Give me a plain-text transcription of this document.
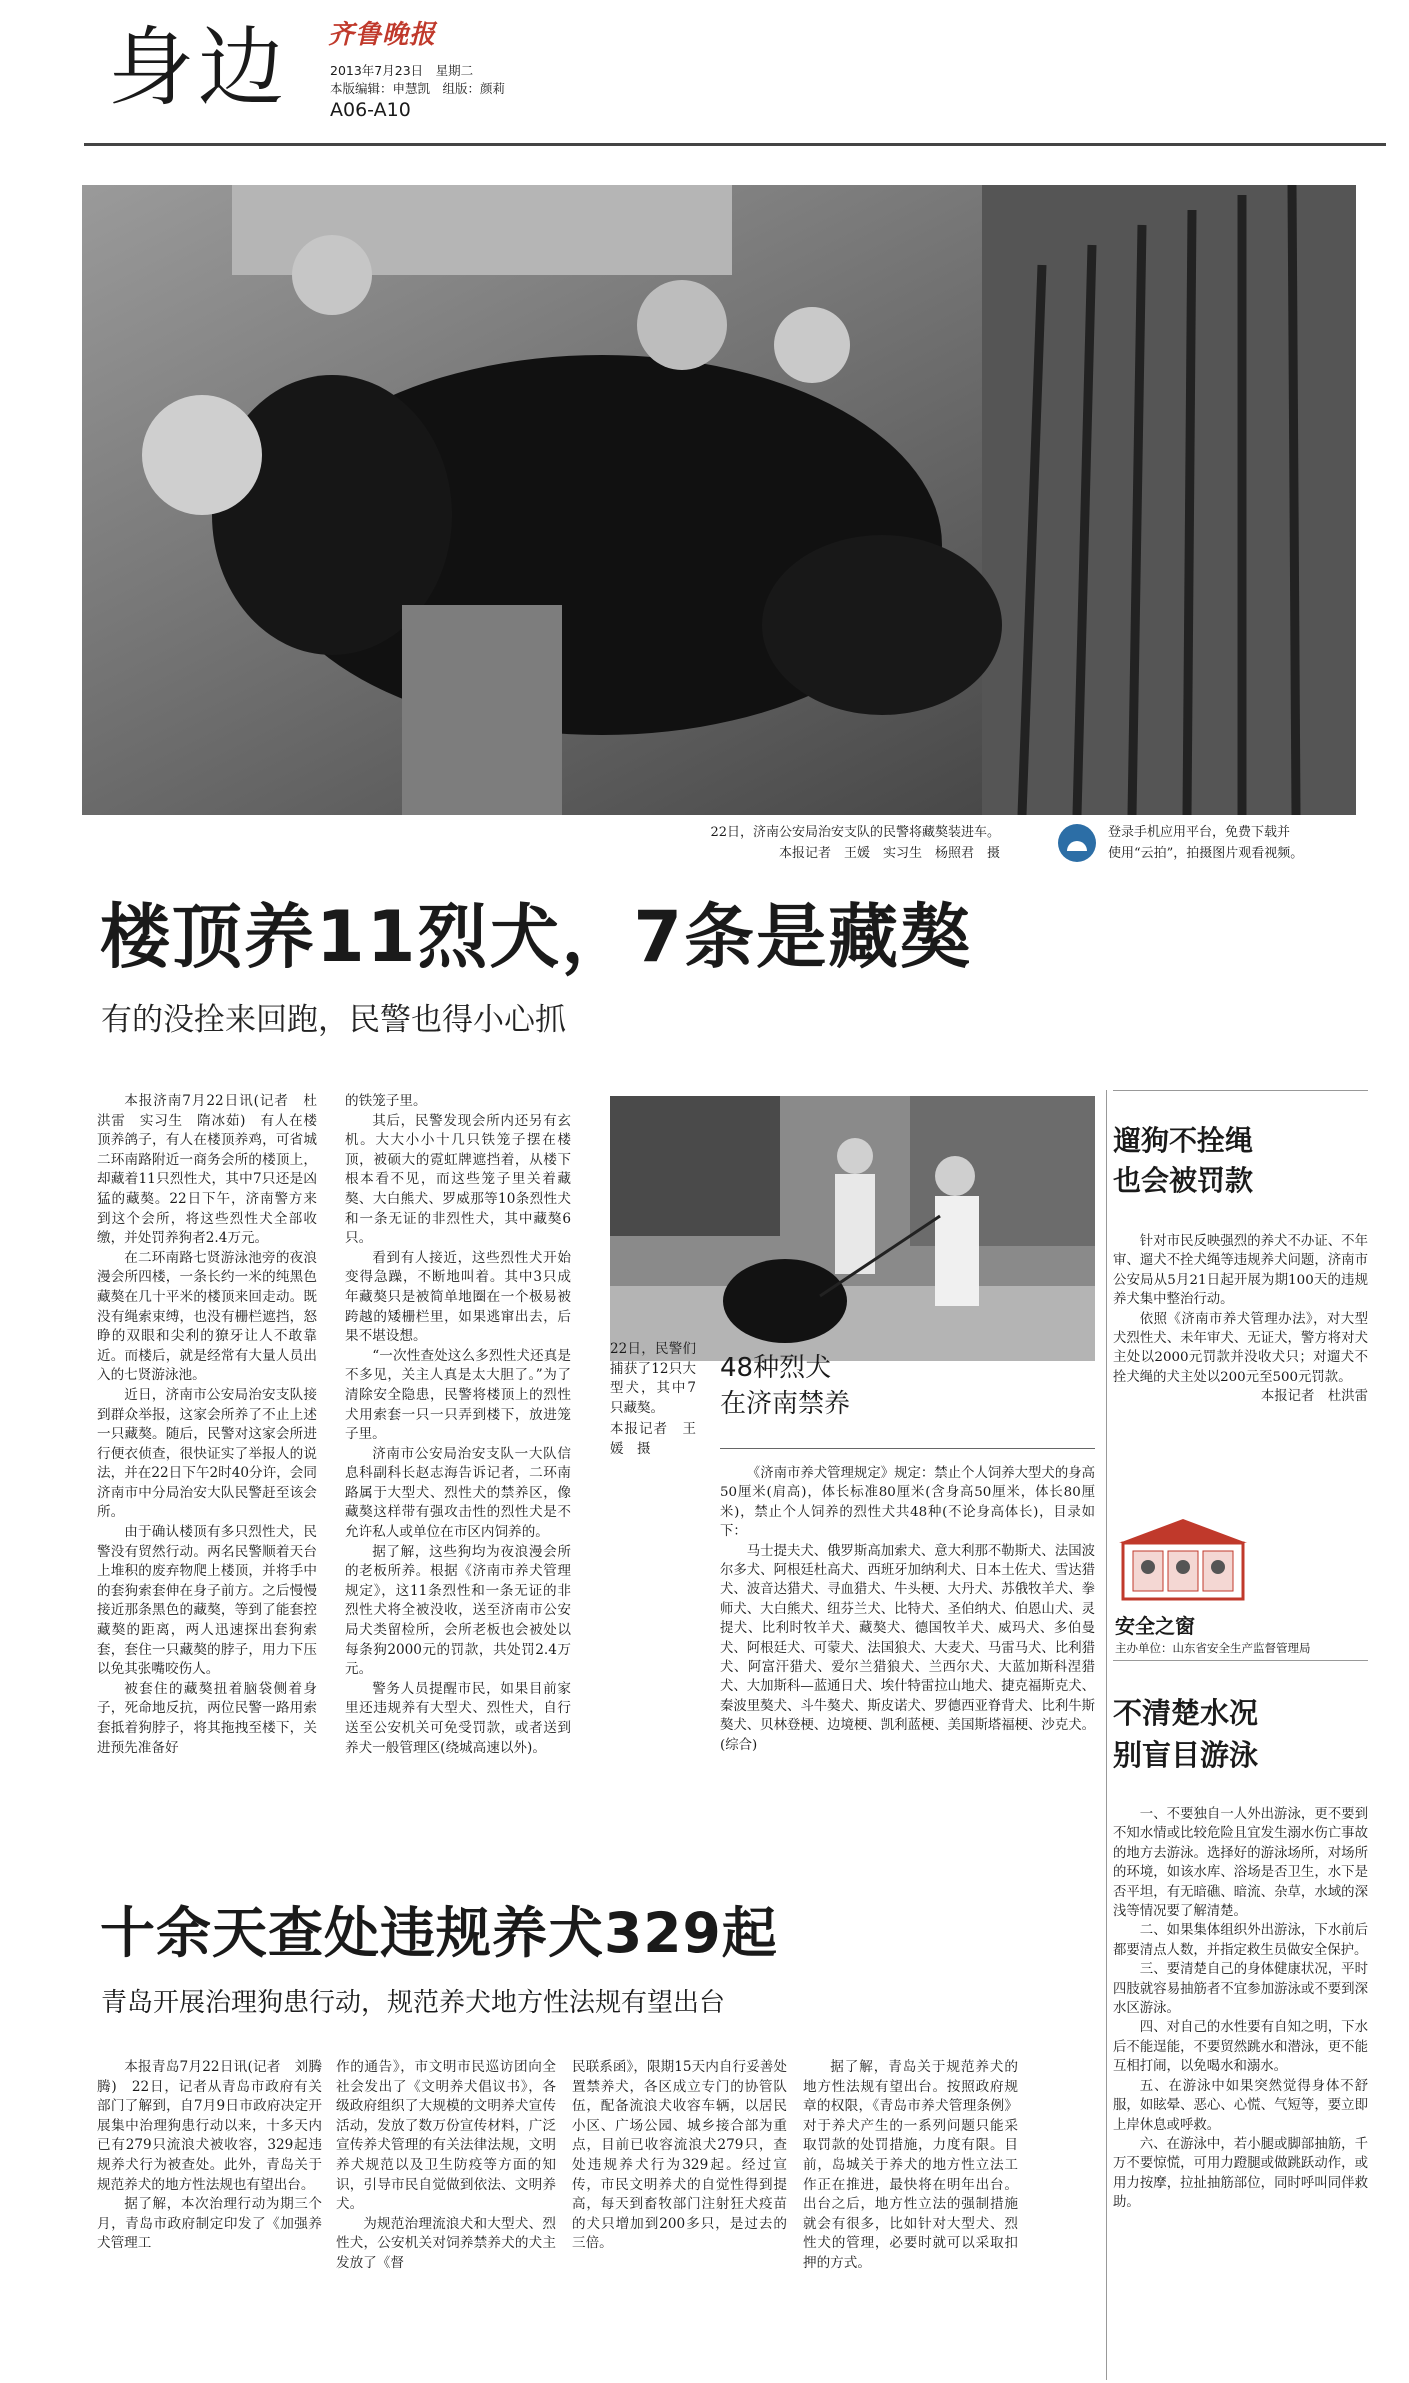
身边 齐鲁晚报
2013年7月23日　星期二
本版编辑：申慧凯　组版：颜莉
A06-A10
22日，济南公安局治安支队的民警将藏獒装进车。
本报记者　王媛　实习生　杨照君　摄
登录手机应用平台，免费下载并
使用“云拍”，拍摄图片观看视频。
楼顶养11烈犬，7条是藏獒
有的没拴来回跑，民警也得小心抓

本报济南7月22日讯(记者　杜洪雷　实习生　隋冰茹)　有人在楼顶养鸽子，有人在楼顶养鸡，可省城二环南路附近一商务会所的楼顶上，却藏着11只烈性犬，其中7只还是凶猛的藏獒。22日下午，济南警方来到这个会所，将这些烈性犬全部收缴，并处罚养狗者2.4万元。

在二环南路七贤游泳池旁的夜浪漫会所四楼，一条长约一米的纯黑色藏獒在几十平米的楼顶来回走动。既没有绳索束缚，也没有栅栏遮挡，怒睁的双眼和尖利的獠牙让人不敢靠近。而楼后，就是经常有大量人员出入的七贤游泳池。

近日，济南市公安局治安支队接到群众举报，这家会所养了不止上述一只藏獒。随后，民警对这家会所进行便衣侦查，很快证实了举报人的说法，并在22日下午2时40分许，会同济南市中分局治安大队民警赶至该会所。

由于确认楼顶有多只烈性犬，民警没有贸然行动。两名民警顺着天台上堆积的废弃物爬上楼顶，并将手中的套狗索套伸在身子前方。之后慢慢接近那条黑色的藏獒，等到了能套控藏獒的距离，两人迅速探出套狗索套，套住一只藏獒的脖子，用力下压以免其张嘴咬伤人。

被套住的藏獒扭着脑袋侧着身子，死命地反抗，两位民警一路用索套抵着狗脖子，将其拖拽至楼下，关进预先准备好

的铁笼子里。

其后，民警发现会所内还另有玄机。大大小小十几只铁笼子摆在楼顶，被硕大的霓虹牌遮挡着，从楼下根本看不见，而这些笼子里关着藏獒、大白熊犬、罗威那等10条烈性犬和一条无证的非烈性犬，其中藏獒6只。

看到有人接近，这些烈性犬开始变得急躁，不断地叫着。其中3只成年藏獒只是被简单地圈在一个极易被跨越的矮栅栏里，如果逃窜出去，后果不堪设想。

“一次性查处这么多烈性犬还真是不多见，关主人真是太大胆了。”为了清除安全隐患，民警将楼顶上的烈性犬用索套一只一只弄到楼下，放进笼子里。

济南市公安局治安支队一大队信息科副科长赵志海告诉记者，二环南路属于大型犬、烈性犬的禁养区，像藏獒这样带有强攻击性的烈性犬是不允许私人或单位在市区内饲养的。

据了解，这些狗均为夜浪漫会所的老板所养。根据《济南市养犬管理规定》，这11条烈性和一条无证的非烈性犬将全被没收，送至济南市公安局犬类留检所，会所老板也会被处以每条狗2000元的罚款，共处罚2.4万元。

警务人员提醒市民，如果目前家里还违规养有大型犬、烈性犬，自行送至公安机关可免受罚款，或者送到养犬一般管理区(绕城高速以外)。

22日，民警们捕获了12只大型犬，其中7只藏獒。
本报记者　王媛　摄
48种烈犬
在济南禁养

《济南市养犬管理规定》规定：禁止个人饲养大型犬的身高50厘米(肩高)，体长标准80厘米(含身高50厘米，体长80厘米)，禁止个人饲养的烈性犬共48种(不论身高体长)，目录如下：

马士提夫犬、俄罗斯高加索犬、意大利那不勒斯犬、法国波尔多犬、阿根廷杜高犬、西班牙加纳利犬、日本土佐犬、雪达猎犬、波音达猎犬、寻血猎犬、牛头梗、大丹犬、苏俄牧羊犬、拳师犬、大白熊犬、纽芬兰犬、比特犬、圣伯纳犬、伯恩山犬、灵提犬、比利时牧羊犬、藏獒犬、德国牧羊犬、威玛犬、多伯曼犬、阿根廷犬、可蒙犬、法国狼犬、大麦犬、马雷马犬、比利猎犬、阿富汗猎犬、爱尔兰猎狼犬、兰西尔犬、大蓝加斯科涅猎犬、大加斯科—蓝通日犬、埃什特雷拉山地犬、捷克福斯克犬、秦波里獒犬、斗牛獒犬、斯皮诺犬、罗德西亚脊背犬、比利牛斯獒犬、贝林登梗、边境梗、凯利蓝梗、美国斯塔福梗、沙克犬。(综合)

遛狗不拴绳
也会被罚款

针对市民反映强烈的养犬不办证、不年审、遛犬不拴犬绳等违规养犬问题，济南市公安局从5月21日起开展为期100天的违规养犬集中整治行动。

依照《济南市养犬管理办法》，对大型犬烈性犬、未年审犬、无证犬，警方将对犬主处以2000元罚款并没收犬只；对遛犬不拴犬绳的犬主处以200元至500元罚款。

本报记者　杜洪雷

安全之窗
主办单位：山东省安全生产监督管理局
不清楚水况
别盲目游泳

一、不要独自一人外出游泳，更不要到不知水情或比较危险且宜发生溺水伤亡事故的地方去游泳。选择好的游泳场所，对场所的环境，如该水库、浴场是否卫生，水下是否平坦，有无暗礁、暗流、杂草，水域的深浅等情况要了解清楚。

二、如果集体组织外出游泳，下水前后都要清点人数，并指定救生员做安全保护。

三、要清楚自己的身体健康状况，平时四肢就容易抽筋者不宜参加游泳或不要到深水区游泳。

四、对自己的水性要有自知之明，下水后不能逞能，不要贸然跳水和潜泳，更不能互相打闹，以免喝水和溺水。

五、在游泳中如果突然觉得身体不舒服，如眩晕、恶心、心慌、气短等，要立即上岸休息或呼救。

六、在游泳中，若小腿或脚部抽筋，千万不要惊慌，可用力蹬腿或做跳跃动作，或用力按摩，拉扯抽筋部位，同时呼叫同伴救助。

十余天查处违规养犬329起
青岛开展治理狗患行动，规范养犬地方性法规有望出台

本报青岛7月22日讯(记者　刘腾腾)　22日，记者从青岛市政府有关部门了解到，自7月9日市政府决定开展集中治理狗患行动以来，十多天内已有279只流浪犬被收容，329起违规养犬行为被查处。此外，青岛关于规范养犬的地方性法规也有望出台。

据了解，本次治理行动为期三个月，青岛市政府制定印发了《加强养犬管理工

作的通告》，市文明市民巡访团向全社会发出了《文明养犬倡议书》，各级政府组织了大规模的文明养犬宣传活动，发放了数万份宣传材料，广泛宣传养犬管理的有关法律法规，文明养犬规范以及卫生防疫等方面的知识，引导市民自觉做到依法、文明养犬。

为规范治理流浪犬和大型犬、烈性犬，公安机关对饲养禁养犬的犬主发放了《督

民联系函》，限期15天内自行妥善处置禁养犬，各区成立专门的协管队伍，配备流浪犬收容车辆，以居民小区、广场公园、城乡接合部为重点，目前已收容流浪犬279只，查处违规养犬行为329起。经过宣传，市民文明养犬的自觉性得到提高，每天到畜牧部门注射狂犬疫苗的犬只增加到200多只，是过去的三倍。

据了解，青岛关于规范养犬的地方性法规有望出台。按照政府规章的权限，《青岛市养犬管理条例》对于养犬产生的一系列问题只能采取罚款的处罚措施，力度有限。目前，岛城关于养犬的地方性立法工作正在推进，最快将在明年出台。出台之后，地方性立法的强制措施就会有很多，比如针对大型犬、烈性犬的管理，必要时就可以采取扣押的方式。
